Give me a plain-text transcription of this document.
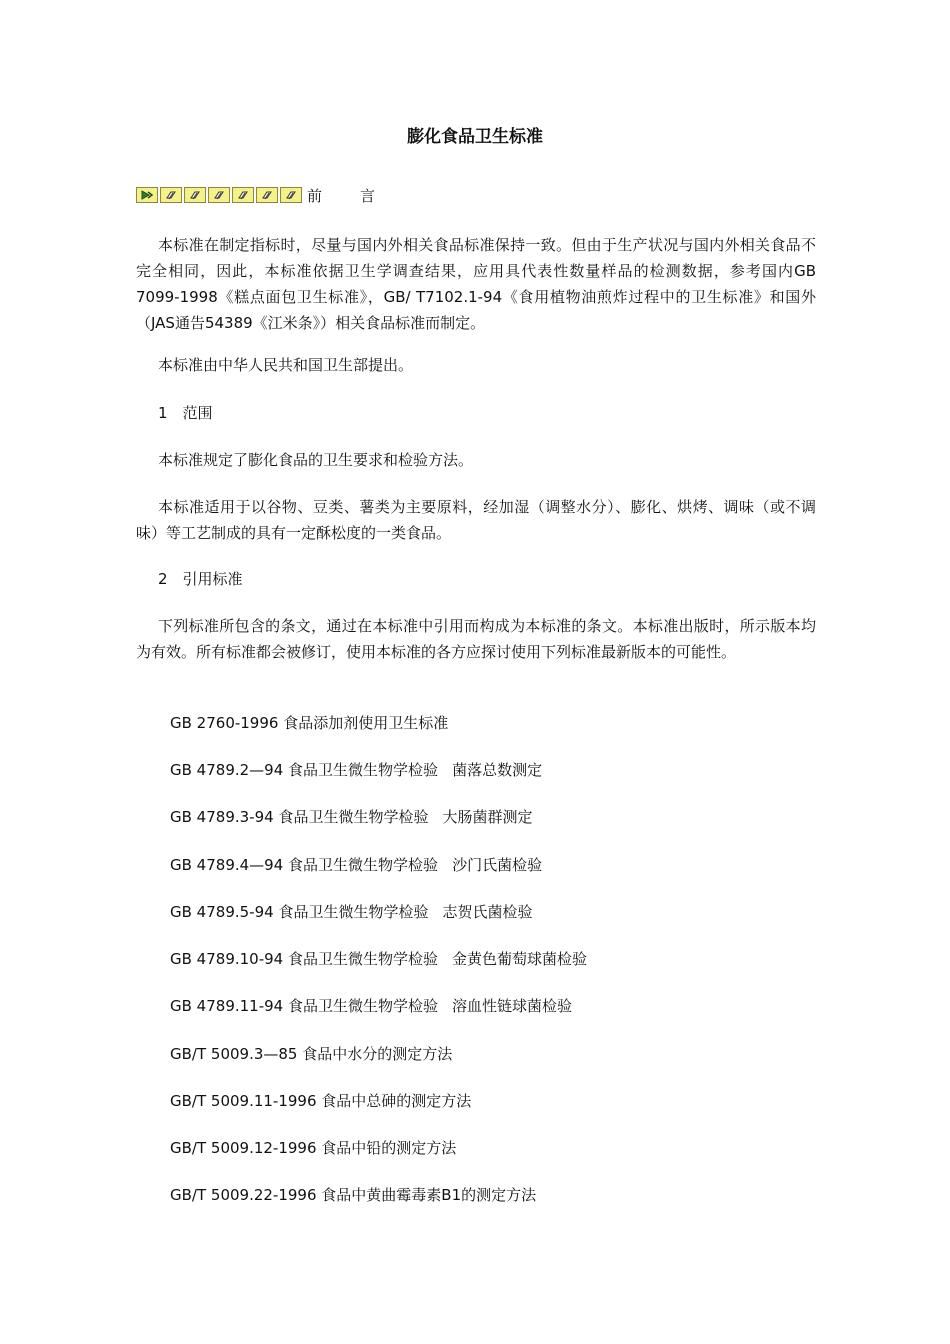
膨化食品卫生标准
前	言

本标准在制定指标时，尽量与国内外相关食品标准保持一致。但由于生产状况与国内外相关食品不完全相同，因此，本标准依据卫生学调查结果，应用具代表性数量样品的检测数据，参考国内GB 7099-1998《糕点面包卫生标准》，GB/ T7102.1-94《食用植物油煎炸过程中的卫生标准》和国外（JAS通告54389《江米条》）相关食品标准而制定。

本标准由中华人民共和国卫生部提出。

1　范围

本标准规定了膨化食品的卫生要求和检验方法。

本标准适用于以谷物、豆类、薯类为主要原料，经加湿（调整水分）、膨化、烘烤、调味（或不调味）等工艺制成的具有一定酥松度的一类食品。

2　引用标准

下列标准所包含的条文，通过在本标准中引用而构成为本标准的条文。本标准出版时，所示版本均为有效。所有标准都会被修订，使用本标准的各方应探讨使用下列标准最新版本的可能性。

GB 2760-1996 食品添加剂使用卫生标准
GB 4789.2—94 食品卫生微生物学检验 菌落总数测定
GB 4789.3-94 食品卫生微生物学检验 大肠菌群测定
GB 4789.4—94 食品卫生微生物学检验 沙门氏菌检验
GB 4789.5-94 食品卫生微生物学检验 志贺氏菌检验
GB 4789.10-94 食品卫生微生物学检验 金黄色葡萄球菌检验
GB 4789.11-94 食品卫生微生物学检验 溶血性链球菌检验
GB/T 5009.3—85 食品中水分的测定方法
GB/T 5009.11-1996 食品中总砷的测定方法
GB/T 5009.12-1996 食品中铅的测定方法
GB/T 5009.22-1996 食品中黄曲霉毒素B1的测定方法
